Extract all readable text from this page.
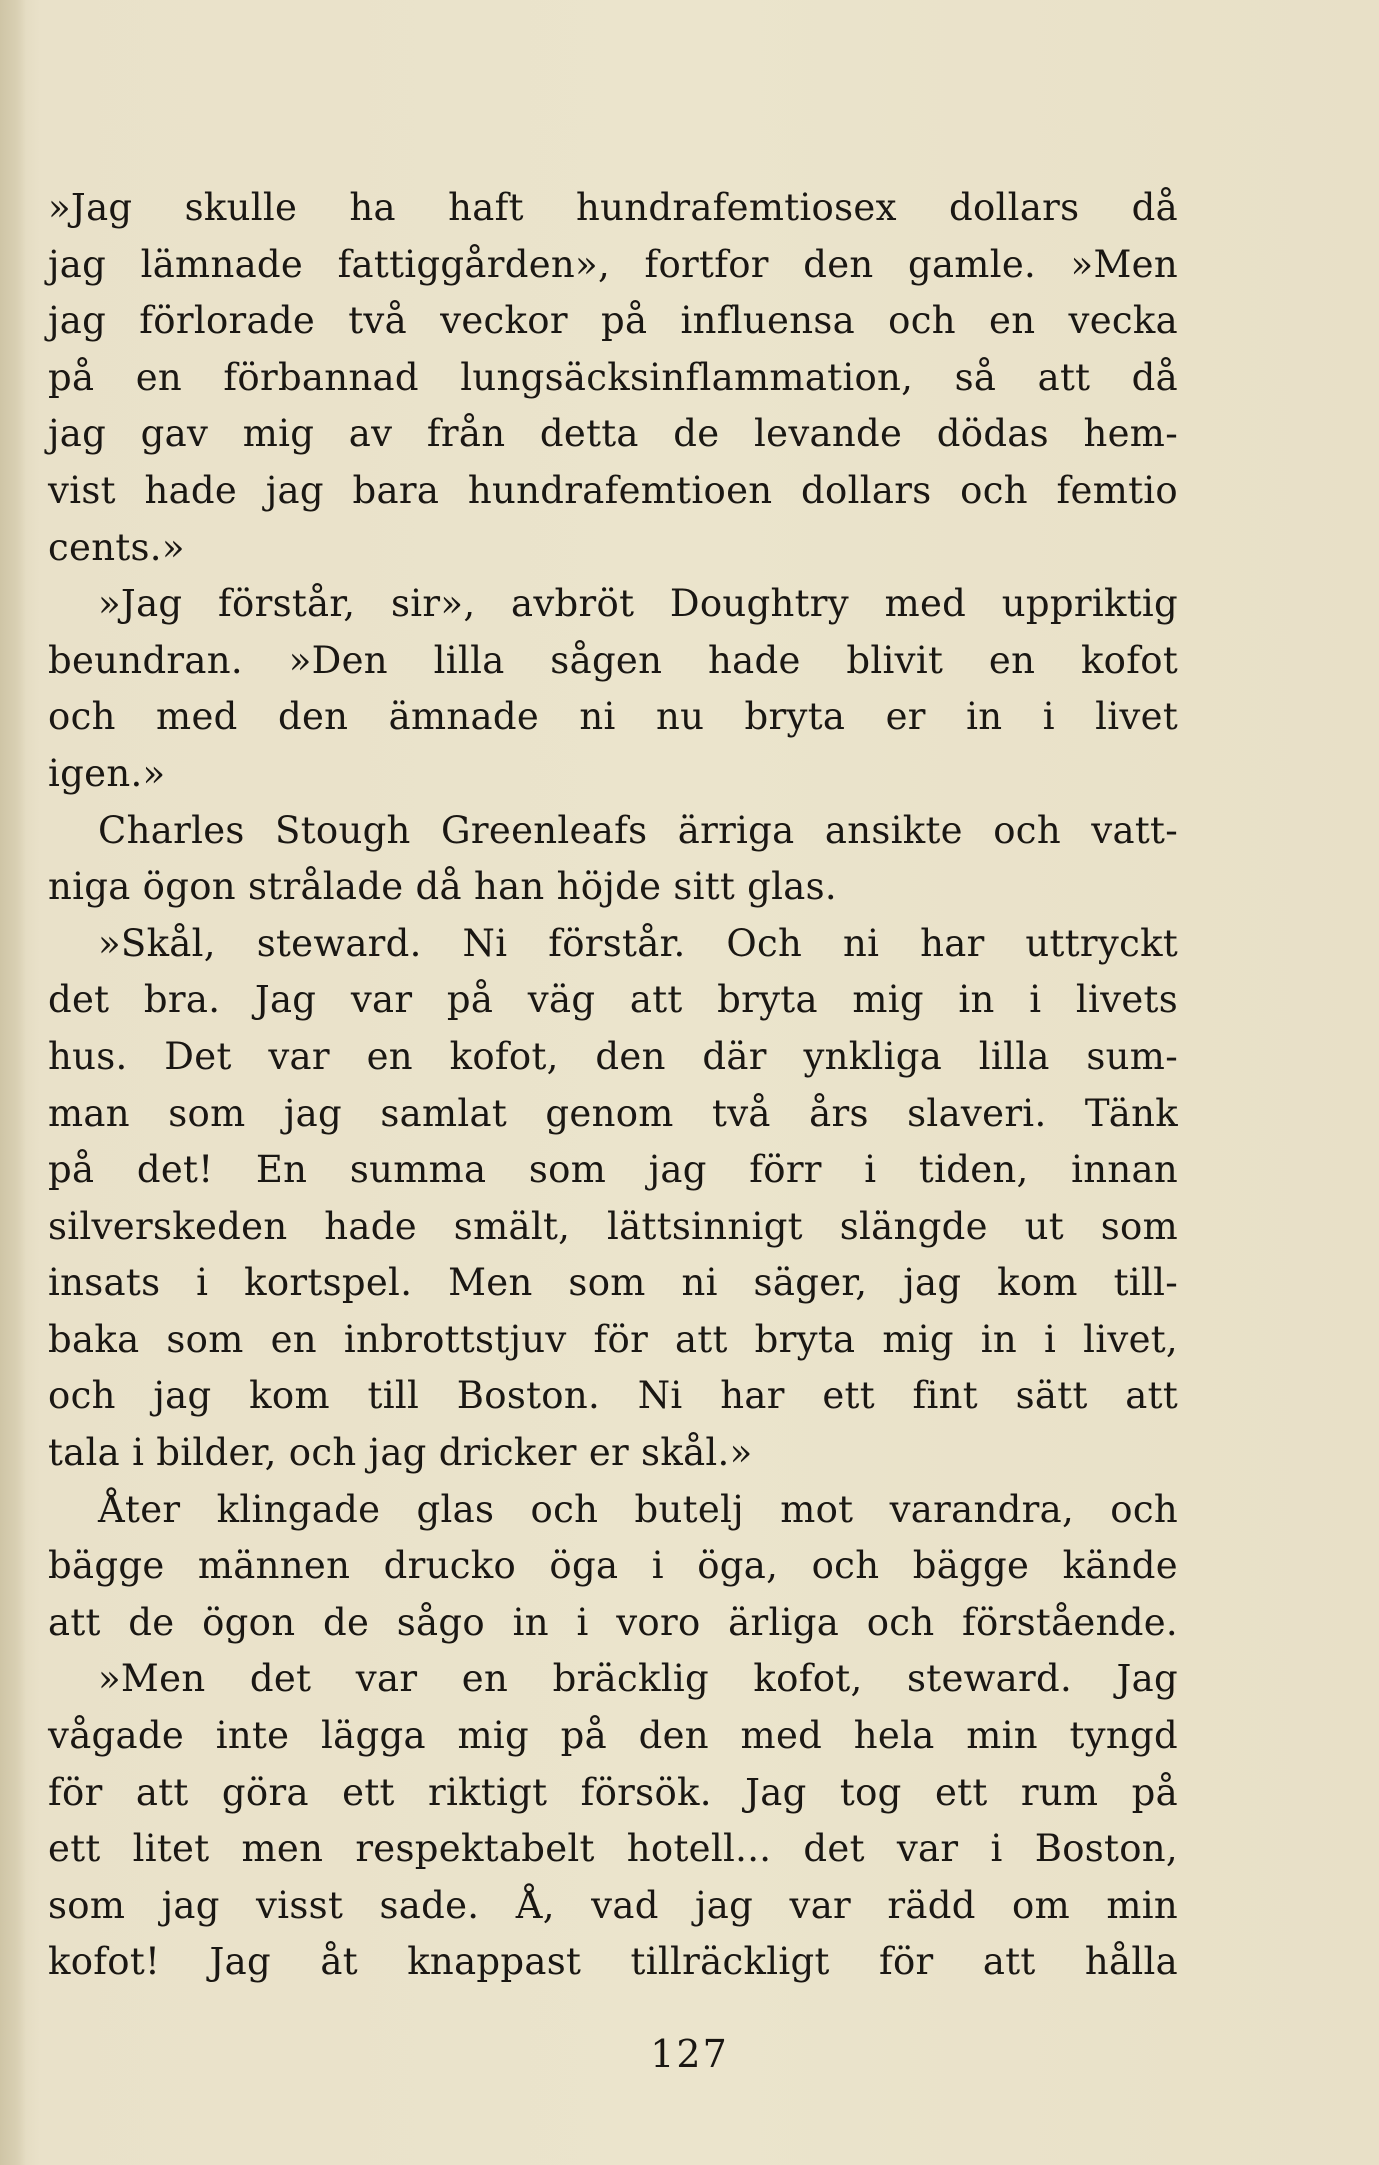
»Jag skulle ha haft hundrafemtiosex dollars då
jag lämnade fattiggården», fortfor den gamle. »Men
jag förlorade två veckor på influensa och en vecka
på en förbannad lungsäcksinflammation, så att då
jag gav mig av från detta de levande dödas hem-
vist hade jag bara hundrafemtioen dollars och femtio
cents.»
»Jag förstår, sir», avbröt Doughtry med uppriktig
beundran. »Den lilla sågen hade blivit en kofot
och med den ämnade ni nu bryta er in i livet
igen.»
Charles Stough Greenleafs ärriga ansikte och vatt-
niga ögon strålade då han höjde sitt glas.
»Skål, steward. Ni förstår. Och ni har uttryckt
det bra. Jag var på väg att bryta mig in i livets
hus. Det var en kofot, den där ynkliga lilla sum-
man som jag samlat genom två års slaveri. Tänk
på det! En summa som jag förr i tiden, innan
silverskeden hade smält, lättsinnigt slängde ut som
insats i kortspel. Men som ni säger, jag kom till-
baka som en inbrottstjuv för att bryta mig in i livet,
och jag kom till Boston. Ni har ett fint sätt att
tala i bilder, och jag dricker er skål.»
Åter klingade glas och butelj mot varandra, och
bägge männen drucko öga i öga, och bägge kände
att de ögon de sågo in i voro ärliga och förstående.
»Men det var en bräcklig kofot, steward. Jag
vågade inte lägga mig på den med hela min tyngd
för att göra ett riktigt försök. Jag tog ett rum på
ett litet men respektabelt hotell... det var i Boston,
som jag visst sade. Å, vad jag var rädd om min
kofot! Jag åt knappast tillräckligt för att hålla
127
